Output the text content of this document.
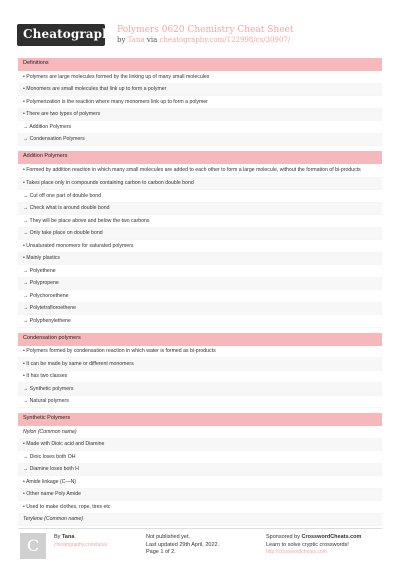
Cheatography
Polymers 0620 Chemistry Cheat Sheet
by Tana via cheatography.com/122998/cs/30907/
Definitions
• Polymers are large molecules formed by the linking up of many small molecules
• Monomers are small molecules that link up to form a polymer
• Polymerization is the reaction where many monomers link up to form a polymer
• There are two types of polymers
→ Addition Polymers
→ Condensation Polymers
Addition Polymers
• Formed by addition reaction in which many small molecules are added to each other to form a large molecule, without the formation of bi-products
• Takes place only in compounds containing carbon to carbon double bond
→ Cut off one part of double bond
→ Check what is around double bond
→ They will be place above and below the two carbons
→ Only take place on double bond
• Unsaturated monomers for saturated polymers
• Mainly plastics
→ Polyethene
→ Polypropene
→ Polychoroethene
→ Polytetrafloroethene
→ Polyphenylethene
Condensation polymers
• Polymers formed by condensation reaction in which water is formed as bi-products
• It can be made by same or different monomers
• It has two classes
→ Synthetic polymers
→ Natural polymers
Synthetic Polymers
Nylon (Common name)
• Made with Dioic acid and Diamine
→ Dioic loses both OH
→ Diamine loses both H
• Amide linkage (C—N)
• Other name Poly Amide
• Used to make clothes, rope, tires etc
Terylene (Common name)
C	By Tana
cheatography.com/tana/
Not published yet.
Last updated 29th April, 2022.
Page 1 of 2.
Sponsored by CrosswordCheats.com
Learn to solve cryptic crosswords!
http://crosswordcheats.com
